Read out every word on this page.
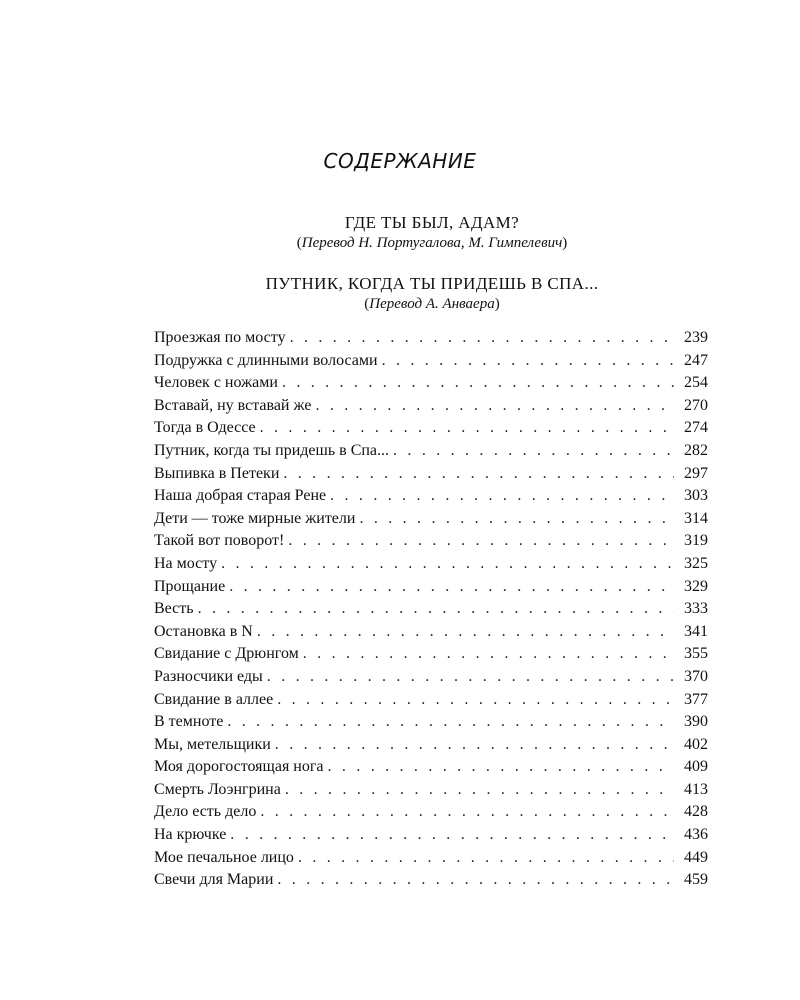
СОДЕРЖАНИЕ
ГДЕ ТЫ БЫЛ, АДАМ?
(Перевод Н. Португалова, М. Гимпелевич)
ПУТНИК, КОГДА ТЫ ПРИДЕШЬ В СПА...
(Перевод А. Анваера)
Проезжая по мосту . . .	239
Подружка с длинными волосами . . .	247
Человек с ножами . . .	254
Вставай, ну вставай же . . .	270
Тогда в Одессе . . .	274
Путник, когда ты придешь в Спа... . . .	282
Выпивка в Петеки . . .	297
Наша добрая старая Рене . . .	303
Дети — тоже мирные жители . . .	314
Такой вот поворот! . . .	319
На мосту . . .	325
Прощание . . .	329
Весть . . .	333
Остановка в N . . .	341
Свидание с Дрюнгом . . .	355
Разносчики еды . . .	370
Свидание в аллее . . .	377
В темноте . . .	390
Мы, метельщики . . .	402
Моя дорогостоящая нога . . .	409
Смерть Лоэнгрина . . .	413
Дело есть дело . . .	428
На крючке . . .	436
Мое печальное лицо . . .	449
Свечи для Марии . . .	459
